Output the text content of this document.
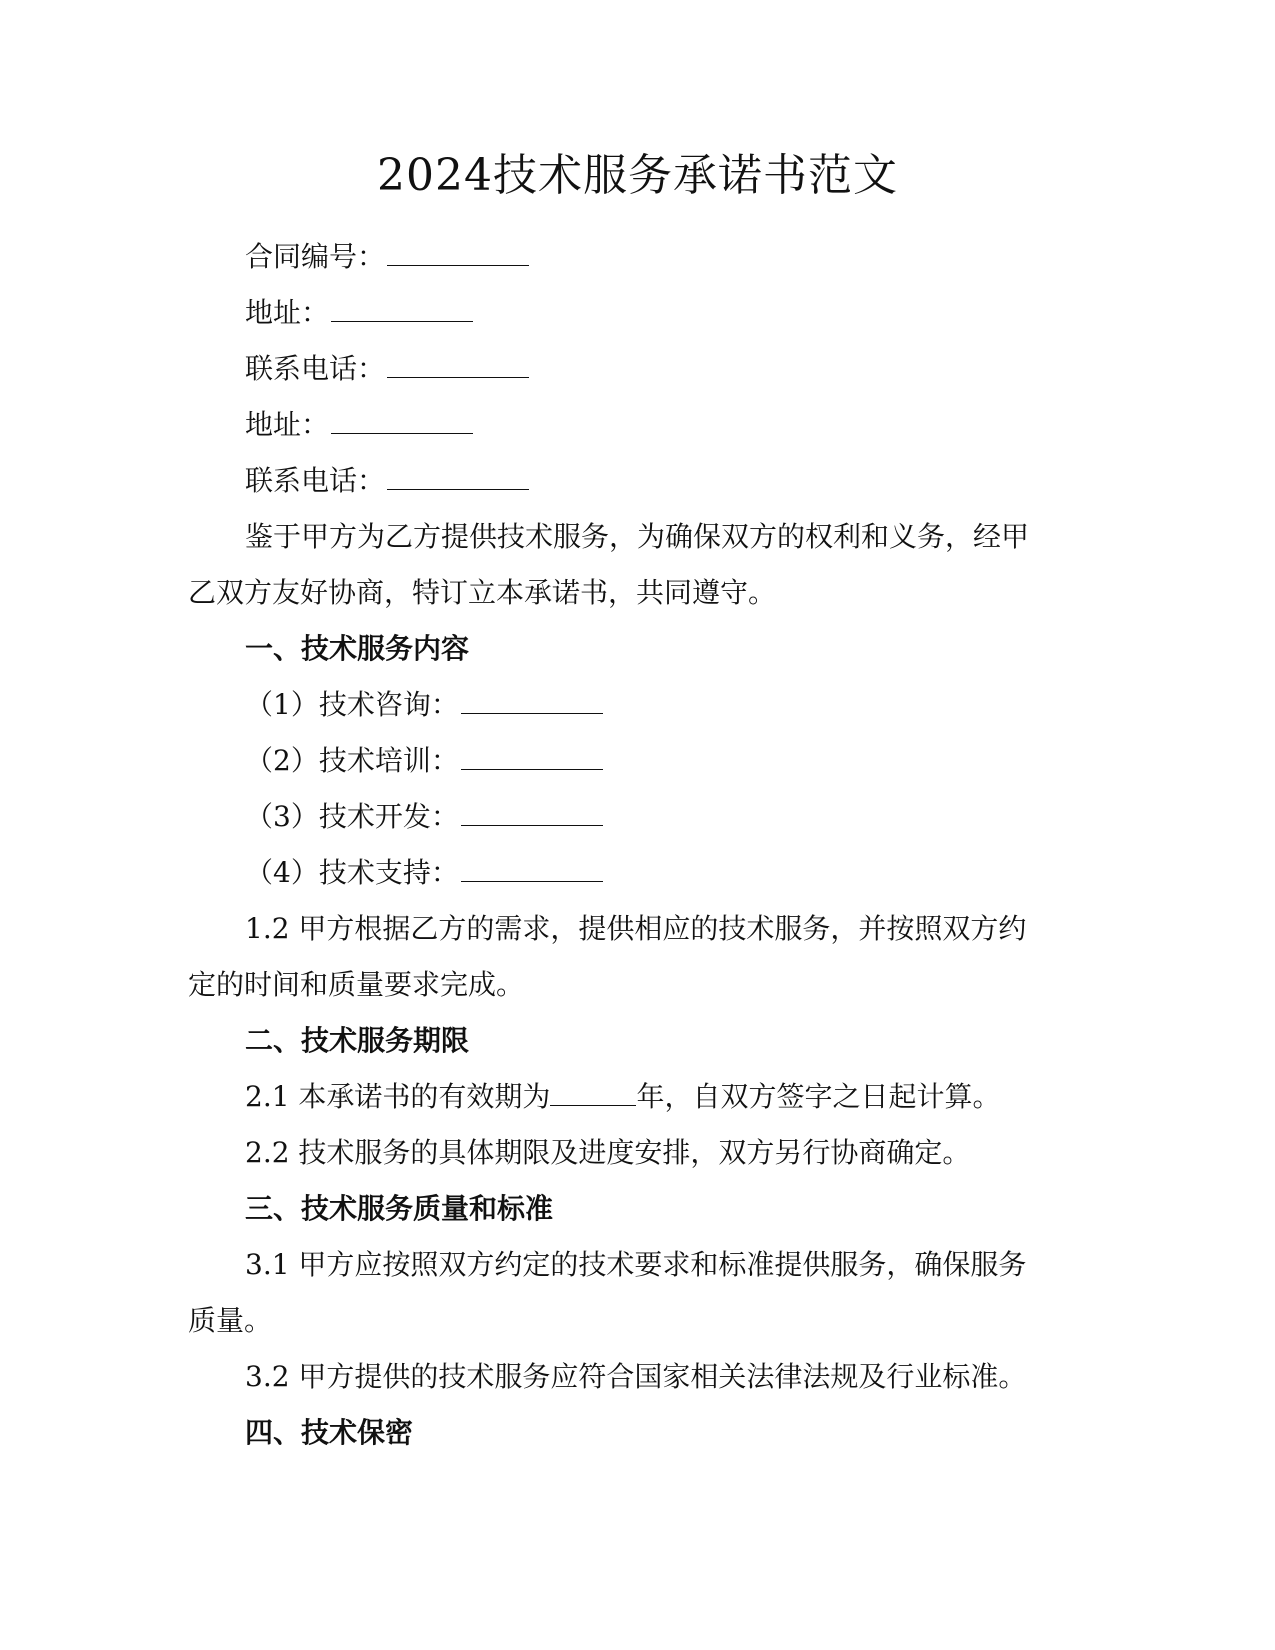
2024技术服务承诺书范文

合同编号：

地址：

联系电话：

地址：

联系电话：

鉴于甲方为乙方提供技术服务，为确保双方的权利和义务，经甲

乙双方友好协商，特订立本承诺书，共同遵守。

一、技术服务内容

（1）技术咨询：

（2）技术培训：

（3）技术开发：

（4）技术支持：

1.2 甲方根据乙方的需求，提供相应的技术服务，并按照双方约

定的时间和质量要求完成。

二、技术服务期限

2.1 本承诺书的有效期为	年，自双方签字之日起计算。

2.2 技术服务的具体期限及进度安排，双方另行协商确定。

三、技术服务质量和标准

3.1 甲方应按照双方约定的技术要求和标准提供服务，确保服务

质量。

3.2 甲方提供的技术服务应符合国家相关法律法规及行业标准。

四、技术保密
